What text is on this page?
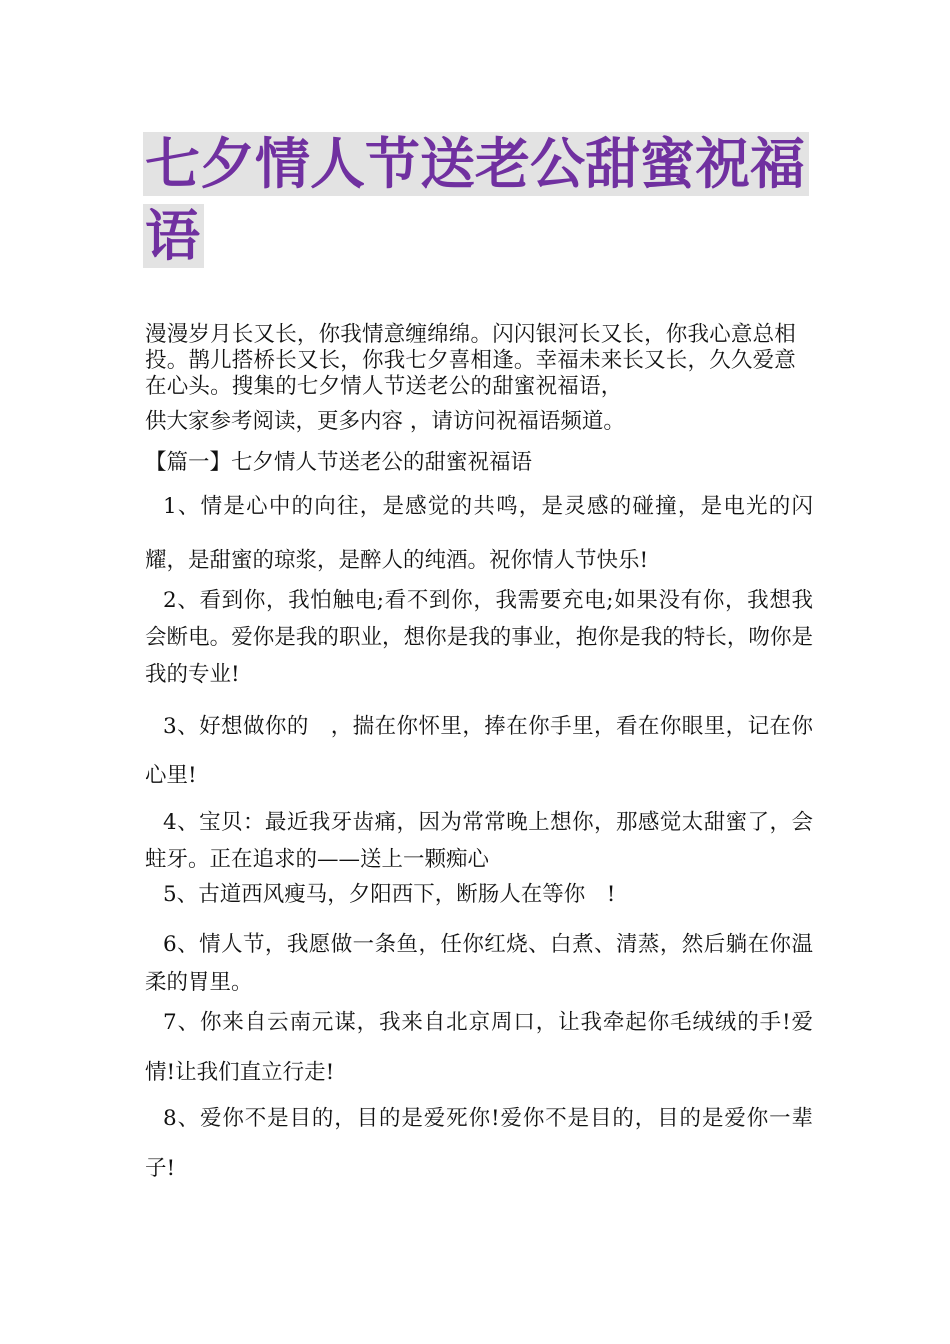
七夕情人节送老公甜蜜祝福语

漫漫岁月长又长，你我情意缠绵绵。闪闪银河长又长，你我心意总相投。鹊儿搭桥长又长，你我七夕喜相逢。幸福未来长又长，久久爱意在心头。搜集的七夕情人节送老公的甜蜜祝福语，

供大家参考阅读，更多内容 ，请访问祝福语频道。

【篇一】七夕情人节送老公的甜蜜祝福语

1、情是心中的向往，是感觉的共鸣，是灵感的碰撞，是电光的闪耀，是甜蜜的琼浆，是醉人的纯酒。祝你情人节快乐!

2、看到你，我怕触电;看不到你，我需要充电;如果没有你，我想我会断电。爱你是我的职业，想你是我的事业，抱你是我的特长，吻你是我的专业!

3、好想做你的　，揣在你怀里，捧在你手里，看在你眼里，记在你心里!

4、宝贝：最近我牙齿痛，因为常常晚上想你，那感觉太甜蜜了，会蛀牙。正在追求的——送上一颗痴心

5、古道西风瘦马，夕阳西下，断肠人在等你　!

6、情人节，我愿做一条鱼，任你红烧、白煮、清蒸，然后躺在你温柔的胃里。

7、你来自云南元谋，我来自北京周口，让我牵起你毛绒绒的手!爱情!让我们直立行走!

8、爱你不是目的，目的是爱死你!爱你不是目的，目的是爱你一辈子!
